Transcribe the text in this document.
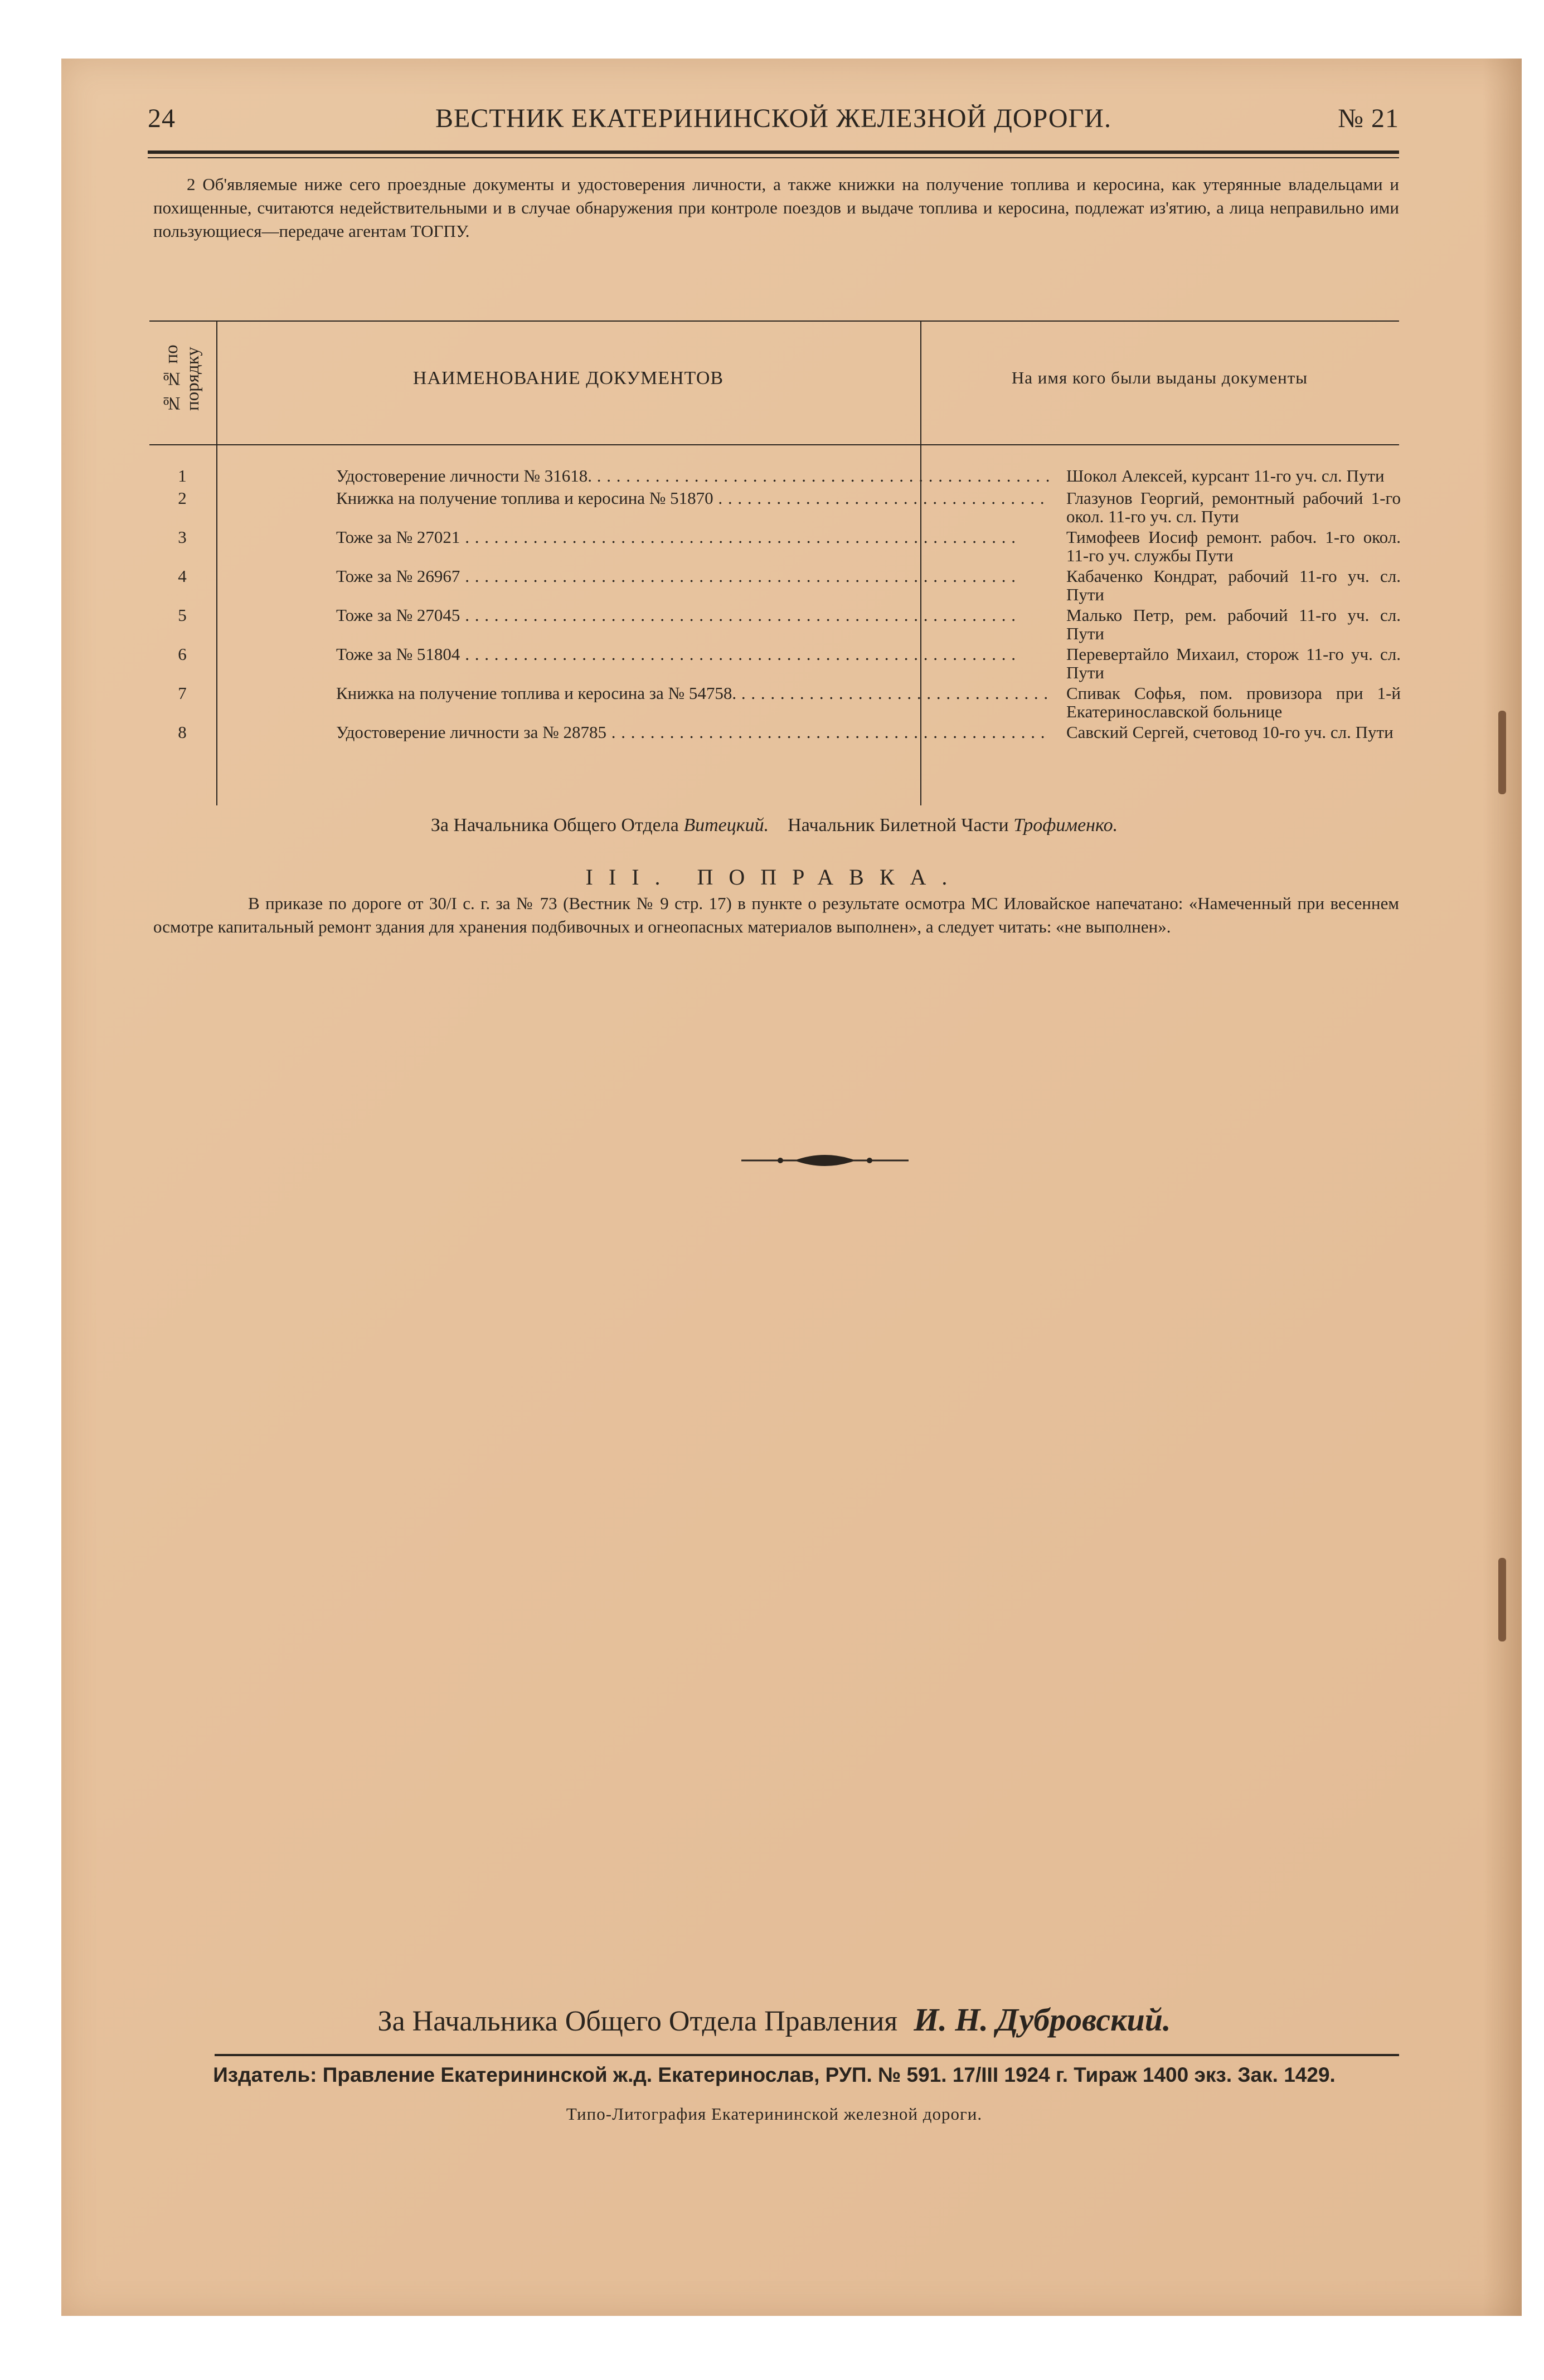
24	ВЕСТНИК ЕКАТЕРИНИНСКОЙ ЖЕЛЕЗНОЙ ДОРОГИ.	№ 21

2 Об'являемые ниже сего проездные документы и удостоверения личности, а также книжки на получение топлива и керосина, как утерянные владельцами и похищенные, считаются недействительными и в случае обнаружения при контроле поездов и выдаче топлива и керосина, подлежат из'ятию, а лица неправильно ими пользующиеся—передаче агентам ТОГПУ.

№ № по порядку	НАИМЕНОВАНИЕ ДОКУМЕНТОВ	На имя кого были выданы документы
1	Удостоверение личности № 31618. . . .	Шокол Алексей, курсант 11-го уч. сл. Пути
2	Книжка на получение топлива и керосина № 51870 . . .	Глазунов Георгий, ремонтный рабочий 1-го окол. 11-го уч. сл. Пути
3	Тоже за № 27021 . . .	Тимофеев Иосиф ремонт. рабоч. 1-го окол. 11-го уч. службы Пути
4	Тоже за № 26967 . . .	Кабаченко Кондрат, рабочий 11-го уч. сл. Пути
5	Тоже за № 27045 . . .	Малько Петр, рем. рабочий 11-го уч. сл. Пути
6	Тоже за № 51804 . . .	Перевертайло Михаил, сторож 11-го уч. сл. Пути
7	Книжка на получение топлива и керосина за № 54758. . . .	Спивак Софья, пом. провизора при 1-й Екатеринославской больнице
8	Удостоверение личности за № 28785 . . .	Савский Сергей, счетовод 10-го уч. сл. Пути
За Начальника Общего Отдела Витецкий. Начальник Билетной Части Трофименко.
III. ПОПРАВКА.

В приказе по дороге от 30/I с. г. за № 73 (Вестник № 9 стр. 17) в пункте о результате осмотра МС Иловайское напечатано: «Намеченный при весеннем осмотре капитальный ремонт здания для хранения подбивочных и огнеопасных материалов выполнен», а следует читать: «не выполнен».

За Начальника Общего Отдела Правления И. Н. Дубровский.
Издатель: Правление Екатерининской ж.д. Екатеринослав, РУП. № 591. 17/III 1924 г. Тираж 1400 экз. Зак. 1429.
Типо-Литография Екатерининской железной дороги.
